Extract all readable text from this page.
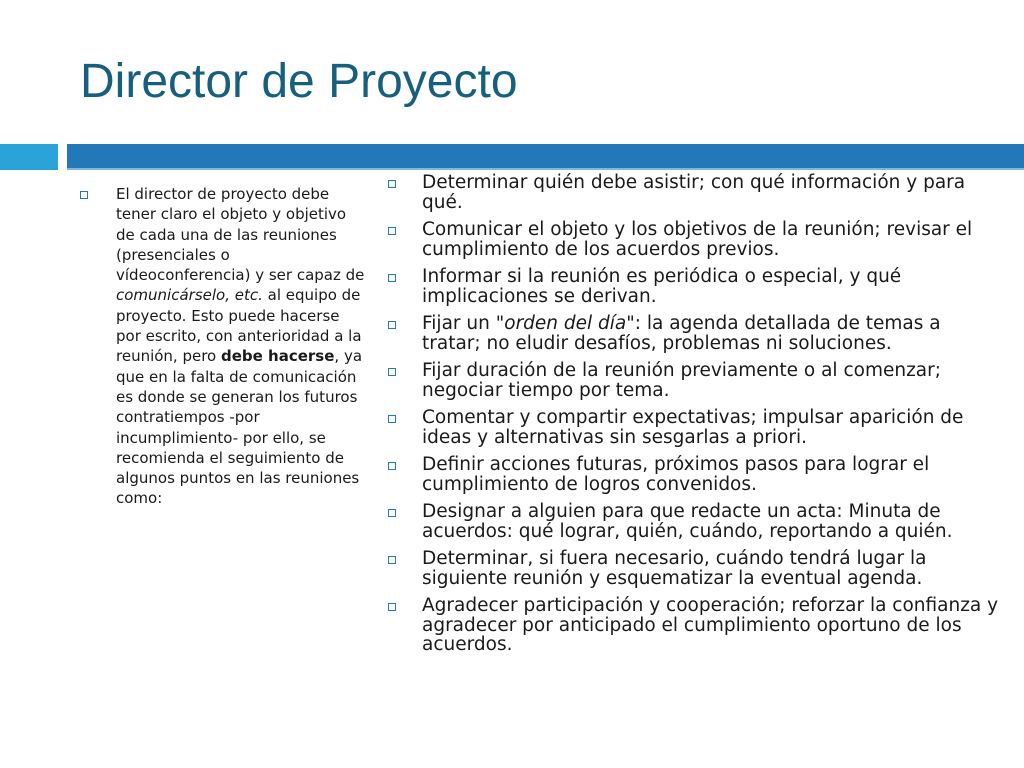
Director de Proyecto
El director de proyecto debe tener claro el objeto y objetivo de cada una de las reuniones (presenciales o vídeoconferencia) y ser capaz de comunicárselo, etc. al equipo de proyecto. Esto puede hacerse por escrito, con anterioridad a la reunión, pero debe hacerse, ya que en la falta de comunicación es donde se generan los futuros contratiempos -por incumplimiento- por ello, se recomienda el seguimiento de algunos puntos en las reuniones como:
Determinar quién debe asistir; con qué información y para qué.
Comunicar el objeto y los objetivos de la reunión; revisar el cumplimiento de los acuerdos previos.
Informar si la reunión es periódica o especial, y qué implicaciones se derivan.
Fijar un "orden del día": la agenda detallada de temas a tratar; no eludir desafíos, problemas ni soluciones.
Fijar duración de la reunión previamente o al comenzar; negociar tiempo por tema.
Comentar y compartir expectativas; impulsar aparición de ideas y alternativas sin sesgarlas a priori.
Definir acciones futuras, próximos pasos para lograr el cumplimiento de logros convenidos.
Designar a alguien para que redacte un acta: Minuta de acuerdos: qué lograr, quién, cuándo, reportando a quién.
Determinar, si fuera necesario, cuándo tendrá lugar la siguiente reunión y esquematizar la eventual agenda.
Agradecer participación y cooperación; reforzar la confianza y agradecer por anticipado el cumplimiento oportuno de los acuerdos.
